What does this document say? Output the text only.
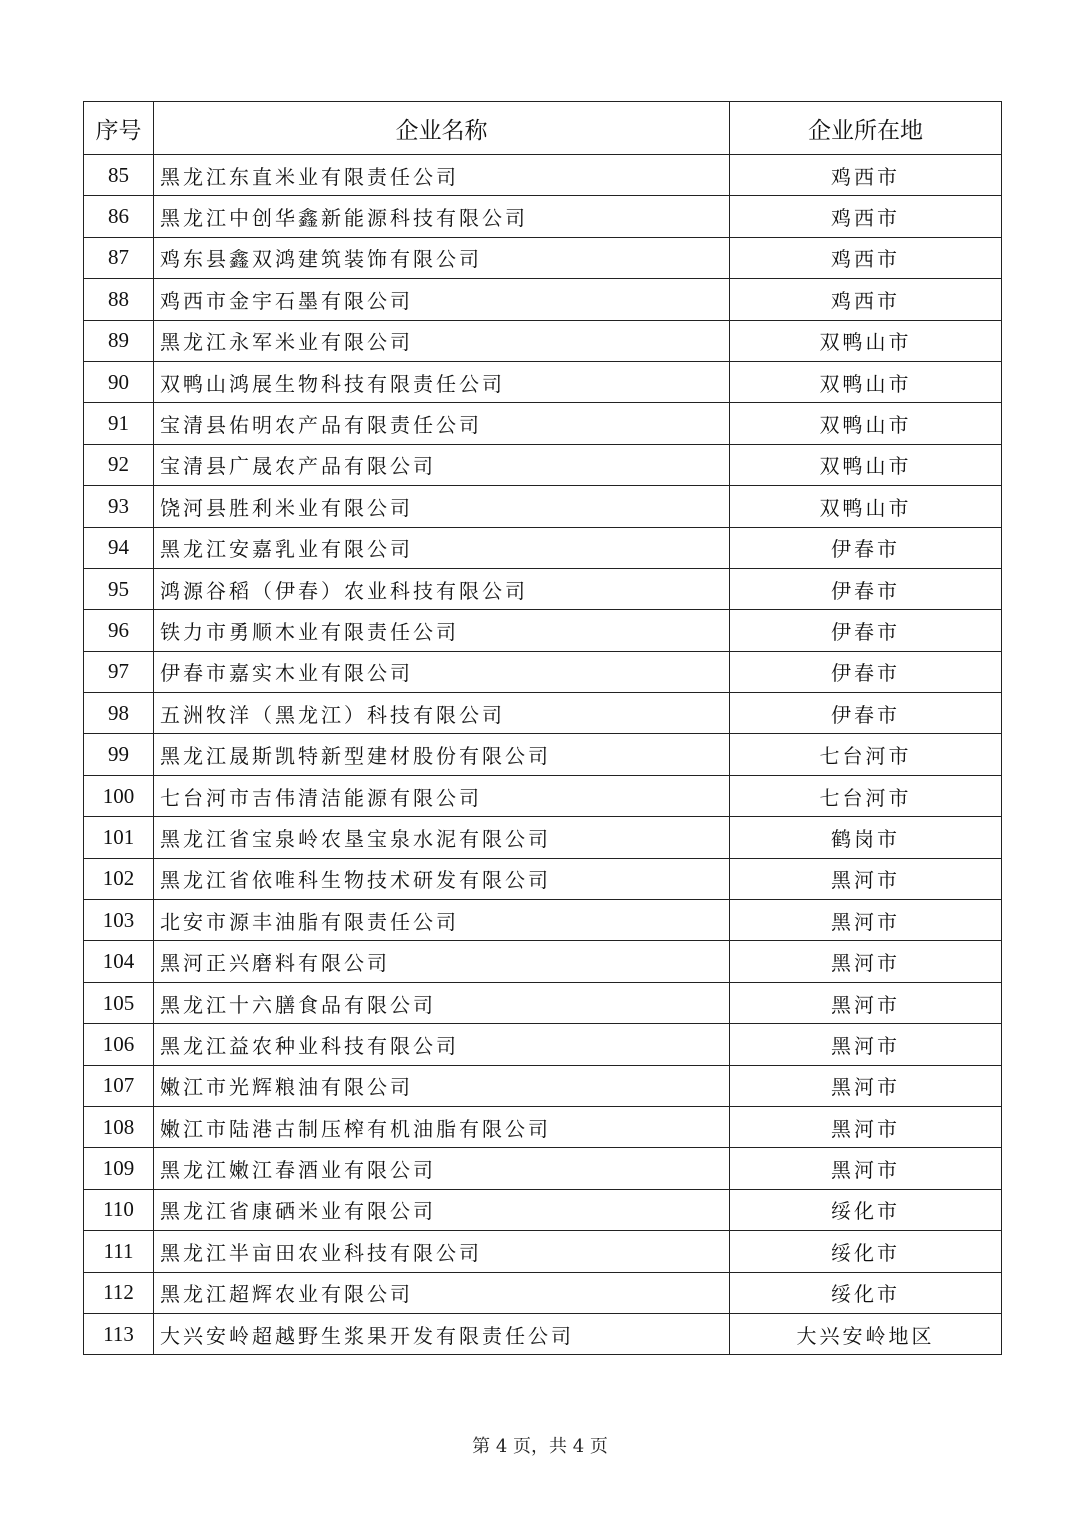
序号	企业名称	企业所在地
85	黑龙江东直米业有限责任公司	鸡西市
86	黑龙江中创华鑫新能源科技有限公司	鸡西市
87	鸡东县鑫双鸿建筑装饰有限公司	鸡西市
88	鸡西市金宇石墨有限公司	鸡西市
89	黑龙江永军米业有限公司	双鸭山市
90	双鸭山鸿展生物科技有限责任公司	双鸭山市
91	宝清县佑明农产品有限责任公司	双鸭山市
92	宝清县广晟农产品有限公司	双鸭山市
93	饶河县胜利米业有限公司	双鸭山市
94	黑龙江安嘉乳业有限公司	伊春市
95	鸿源谷稻（伊春）农业科技有限公司	伊春市
96	铁力市勇顺木业有限责任公司	伊春市
97	伊春市嘉实木业有限公司	伊春市
98	五洲牧洋（黑龙江）科技有限公司	伊春市
99	黑龙江晟斯凯特新型建材股份有限公司	七台河市
100	七台河市吉伟清洁能源有限公司	七台河市
101	黑龙江省宝泉岭农垦宝泉水泥有限公司	鹤岗市
102	黑龙江省依唯科生物技术研发有限公司	黑河市
103	北安市源丰油脂有限责任公司	黑河市
104	黑河正兴磨料有限公司	黑河市
105	黑龙江十六膳食品有限公司	黑河市
106	黑龙江益农种业科技有限公司	黑河市
107	嫩江市光辉粮油有限公司	黑河市
108	嫩江市陆港古制压榨有机油脂有限公司	黑河市
109	黑龙江嫩江春酒业有限公司	黑河市
110	黑龙江省康硒米业有限公司	绥化市
111	黑龙江半亩田农业科技有限公司	绥化市
112	黑龙江超辉农业有限公司	绥化市
113	大兴安岭超越野生浆果开发有限责任公司	大兴安岭地区
第 4 页，共 4 页
